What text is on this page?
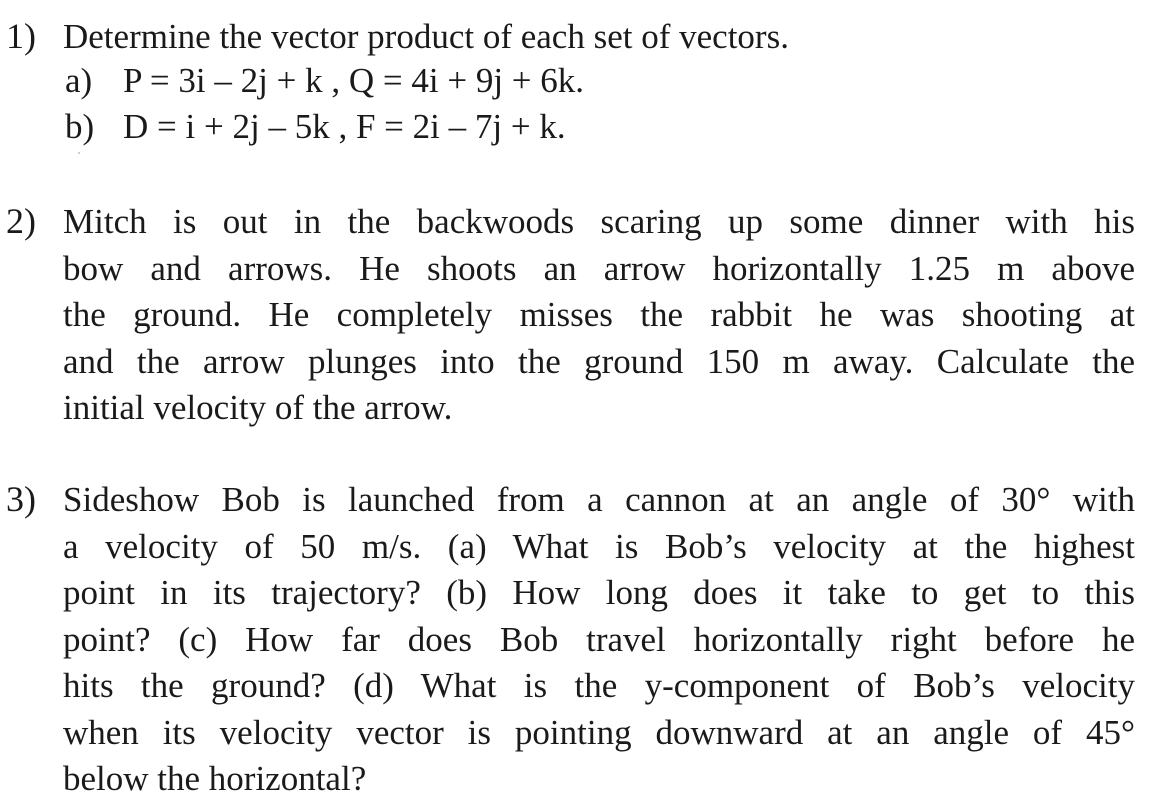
1) Determine the vector product of each set of vectors.
a) P = 3i – 2j + k , Q = 4i + 9j + 6k.
b) D = i + 2j – 5k , F = 2i – 7j + k.
2) Mitch is out in the backwoods scaring up some dinner with his
bow and arrows. He shoots an arrow horizontally 1.25 m above
the ground. He completely misses the rabbit he was shooting at
and the arrow plunges into the ground 150 m away. Calculate the
initial velocity of the arrow.
3) Sideshow Bob is launched from a cannon at an angle of 30° with
a velocity of 50 m/s. (a) What is Bob’s velocity at the highest
point in its trajectory? (b) How long does it take to get to this
point? (c) How far does Bob travel horizontally right before he
hits the ground? (d) What is the y-component of Bob’s velocity
when its velocity vector is pointing downward at an angle of 45°
below the horizontal?
